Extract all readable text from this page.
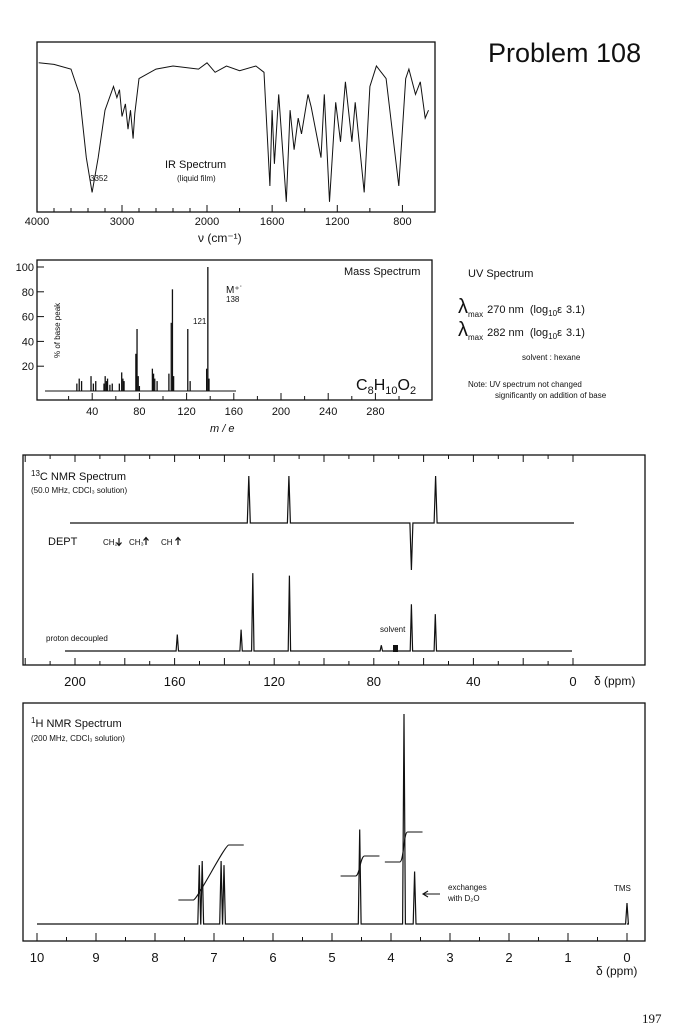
Problem 108
4000	3000	2000	1600	1200	800
IR Spectrum
(liquid film)
3352
ν (cm⁻¹)
100
80
60
40
20
40	80	120	160	200	240	280
Mass Spectrum
M⁺˙
138
121
% of base peak
m / e
$C_8H_{10}O_2$
UV Spectrum
$\lambda_{max}$ 270 nm ($\log_{10}\varepsilon$ 3.1)
$\lambda_{max}$ 282 nm ($\log_{10}\varepsilon$ 3.1)
solvent : hexane
Note: UV spectrum not changed
significantly on addition of base
200	160	120	80	40	0
$^{13}$C NMR Spectrum
(50.0 MHz, CDCl₃ solution)
DEPT	CH₂ CH₃ CH
proton decoupled
solvent
δ (ppm)
10	9	8	7	6	5	4	3	2	1	0
$^1$H NMR Spectrum
(200 MHz, CDCl₃ solution)
exchanges
with D₂O
TMS
δ (ppm)
197
